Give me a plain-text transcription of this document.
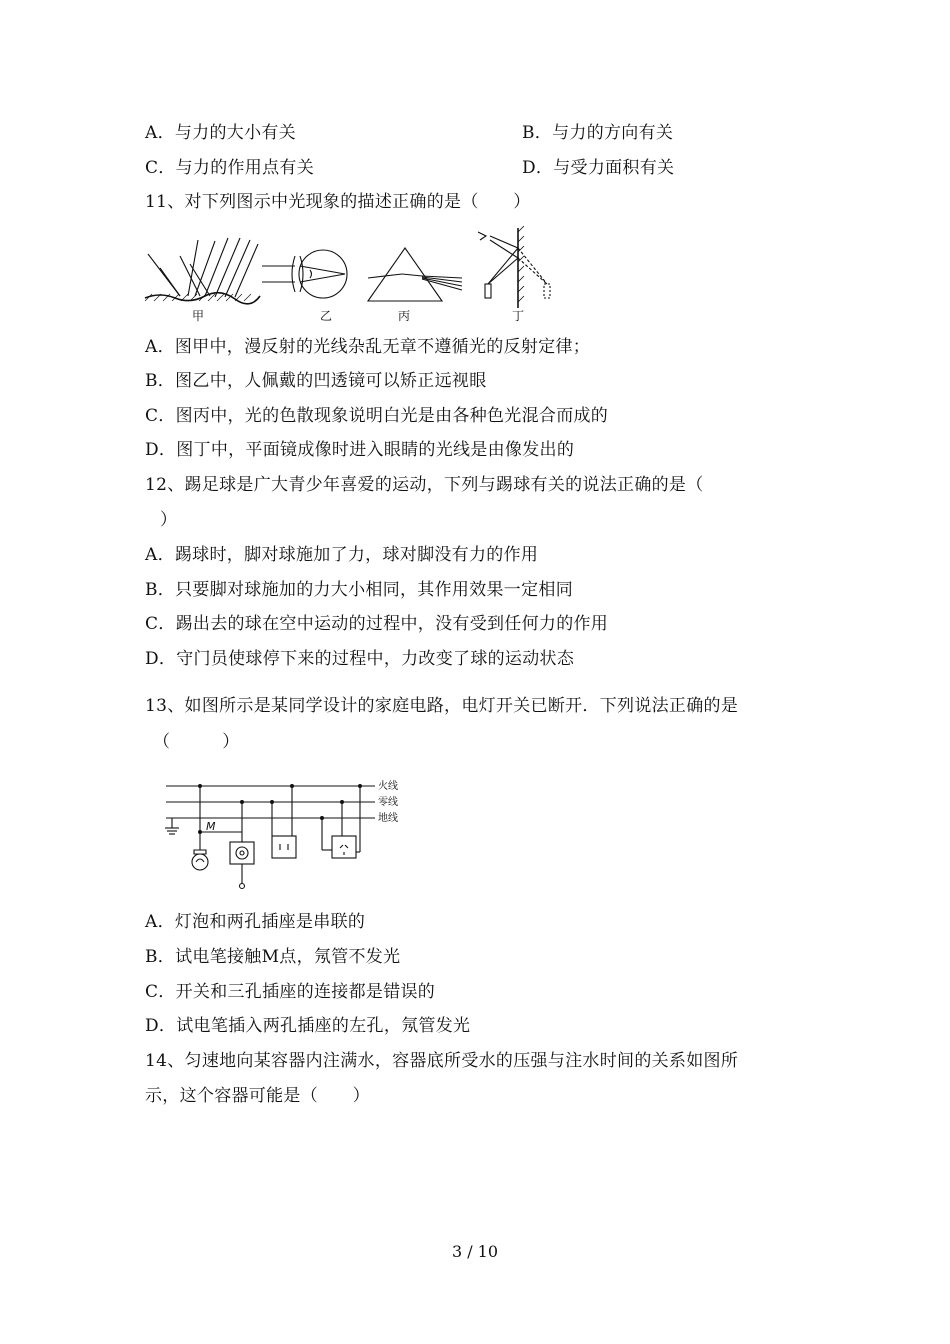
A．与力的大小有关	B．与力的方向有关
C．与力的作用点有关	D．与受力面积有关
11、对下列图示中光现象的描述正确的是（　　）
甲	乙	丙	丁
A．图甲中，漫反射的光线杂乱无章不遵循光的反射定律；
B．图乙中，人佩戴的凹透镜可以矫正远视眼
C．图丙中，光的色散现象说明白光是由各种色光混合而成的
D．图丁中，平面镜成像时进入眼睛的光线是由像发出的
12、踢足球是广大青少年喜爱的运动，下列与踢球有关的说法正确的是（
）
A．踢球时，脚对球施加了力，球对脚没有力的作用
B．只要脚对球施加的力大小相同，其作用效果一定相同
C．踢出去的球在空中运动的过程中，没有受到任何力的作用
D．守门员使球停下来的过程中，力改变了球的运动状态
13、如图所示是某同学设计的家庭电路，电灯开关已断开．下列说法正确的是
（　　　）
M
火线
零线
地线
A．灯泡和两孔插座是串联的
B．试电笔接触M点，氖管不发光
C．开关和三孔插座的连接都是错误的
D．试电笔插入两孔插座的左孔，氖管发光
14、匀速地向某容器内注满水，容器底所受水的压强与注水时间的关系如图所
示，这个容器可能是（　　）
3 / 10
